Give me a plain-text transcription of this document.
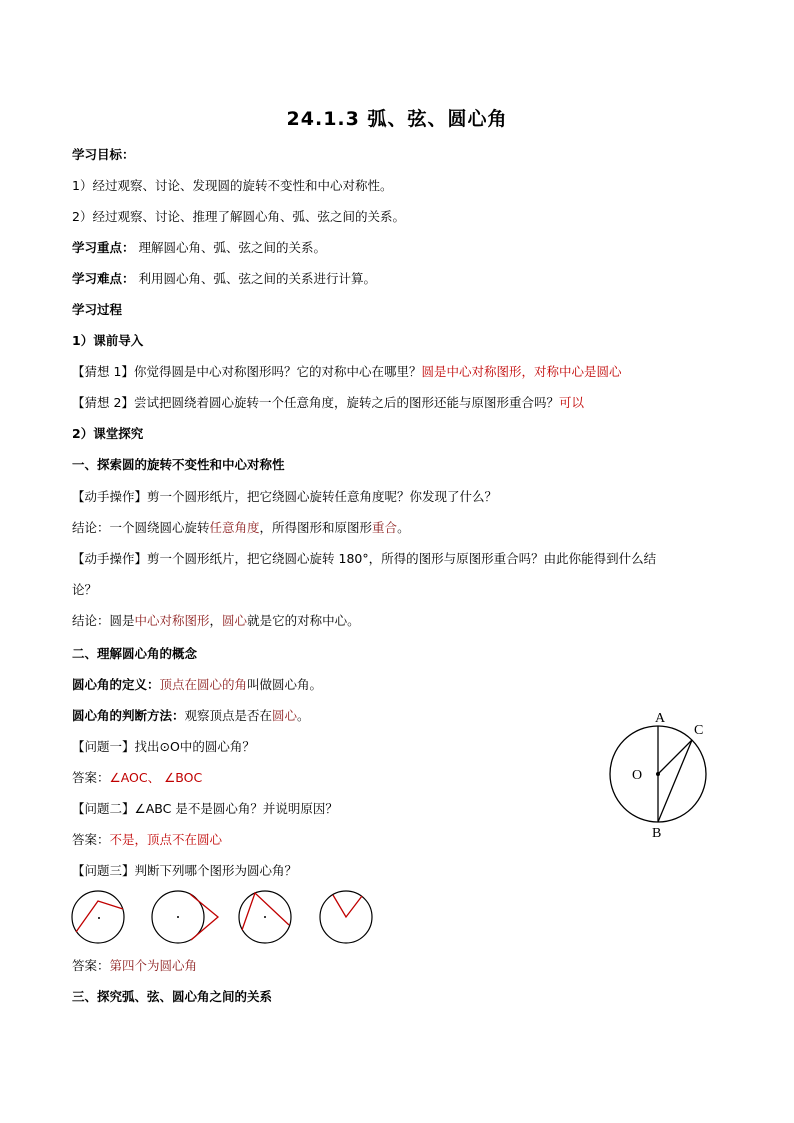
24.1.3 弧、弦、圆心角
学习目标：
1）经过观察、讨论、发现圆的旋转不变性和中心对称性。
2）经过观察、讨论、推理了解圆心角、弧、弦之间的关系。
学习重点： 理解圆心角、弧、弦之间的关系。
学习难点： 利用圆心角、弧、弦之间的关系进行计算。
学习过程
1）课前导入
【猜想 1】你觉得圆是中心对称图形吗？它的对称中心在哪里？圆是中心对称图形，对称中心是圆心
【猜想 2】尝试把圆绕着圆心旋转一个任意角度，旋转之后的图形还能与原图形重合吗？可以
2）课堂探究
一、探索圆的旋转不变性和中心对称性
【动手操作】剪一个圆形纸片，把它绕圆心旋转任意角度呢？你发现了什么？
结论：一个圆绕圆心旋转任意角度，所得图形和原图形重合。
【动手操作】剪一个圆形纸片，把它绕圆心旋转 180°，所得的图形与原图形重合吗？由此你能得到什么结
论？
结论：圆是中心对称图形，圆心就是它的对称中心。
二、理解圆心角的概念
圆心角的定义：顶点在圆心的角叫做圆心角。
圆心角的判断方法：观察顶点是否在圆心。
【问题一】找出⊙O中的圆心角？
答案：∠AOC、 ∠BOC
【问题二】∠ABC 是不是圆心角？并说明原因？
答案：不是，顶点不在圆心
【问题三】判断下列哪个图形为圆心角？
答案：第四个为圆心角
三、探究弧、弦、圆心角之间的关系
A
C
O
B
